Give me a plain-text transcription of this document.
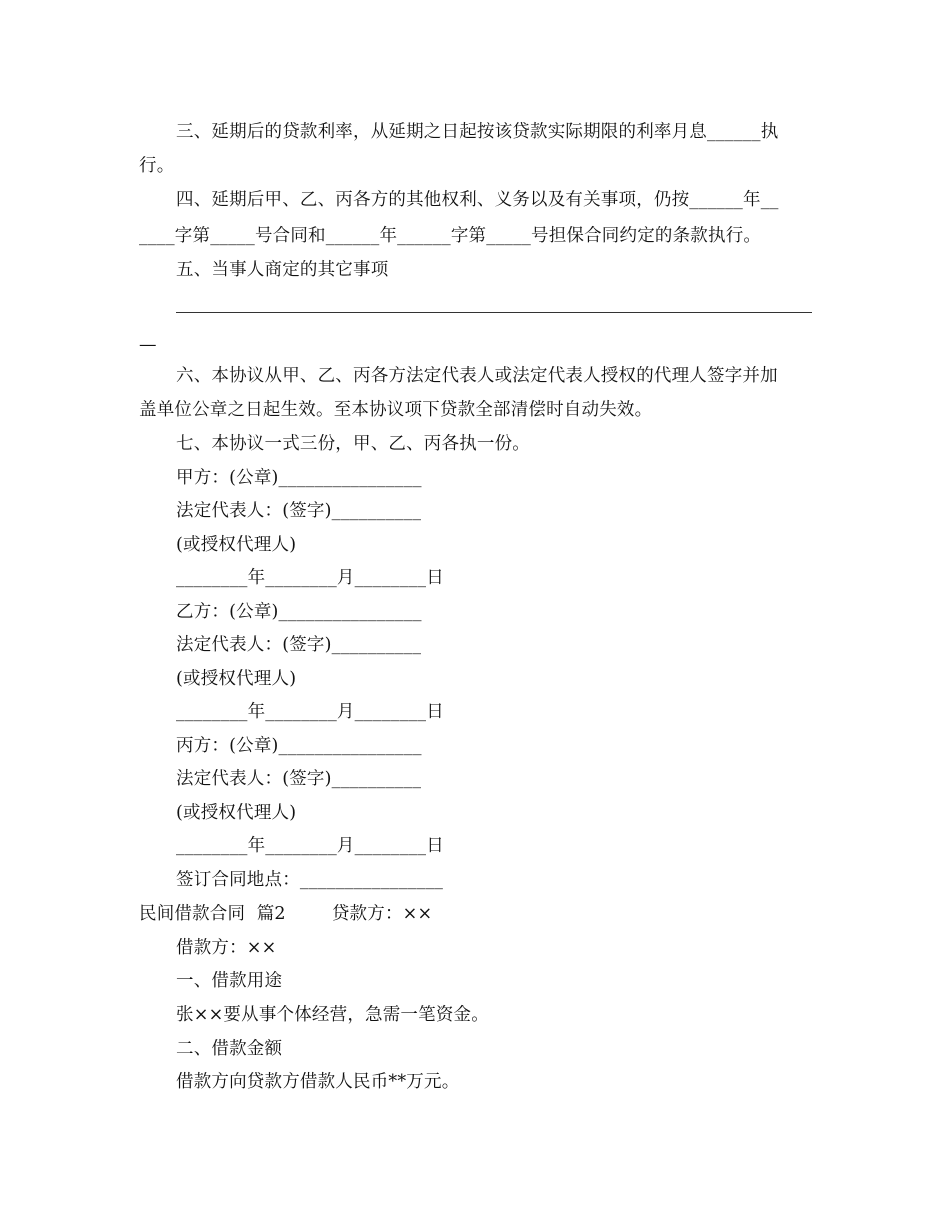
三、延期后的贷款利率，从延期之日起按该贷款实际期限的利率月息______执
行。
四、延期后甲、乙、丙各方的其他权利、义务以及有关事项，仍按______年__
____字第_____号合同和______年______字第_____号担保合同约定的条款执行。
五、当事人商定的其它事项
—
六、本协议从甲、乙、丙各方法定代表人或法定代表人授权的代理人签字并加
盖单位公章之日起生效。至本协议项下贷款全部清偿时自动失效。
七、本协议一式三份，甲、乙、丙各执一份。
甲方：(公章)________________
法定代表人：(签字)__________
(或授权代理人)
________年________月________日
乙方：(公章)________________
法定代表人：(签字)__________
(或授权代理人)
________年________月________日
丙方：(公章)________________
法定代表人：(签字)__________
(或授权代理人)
________年________月________日
签订合同地点：________________
民间借款合同  篇2        贷款方：××
借款方：××
一、借款用途
张××要从事个体经营，急需一笔资金。
二、借款金额
借款方向贷款方借款人民币**万元。
